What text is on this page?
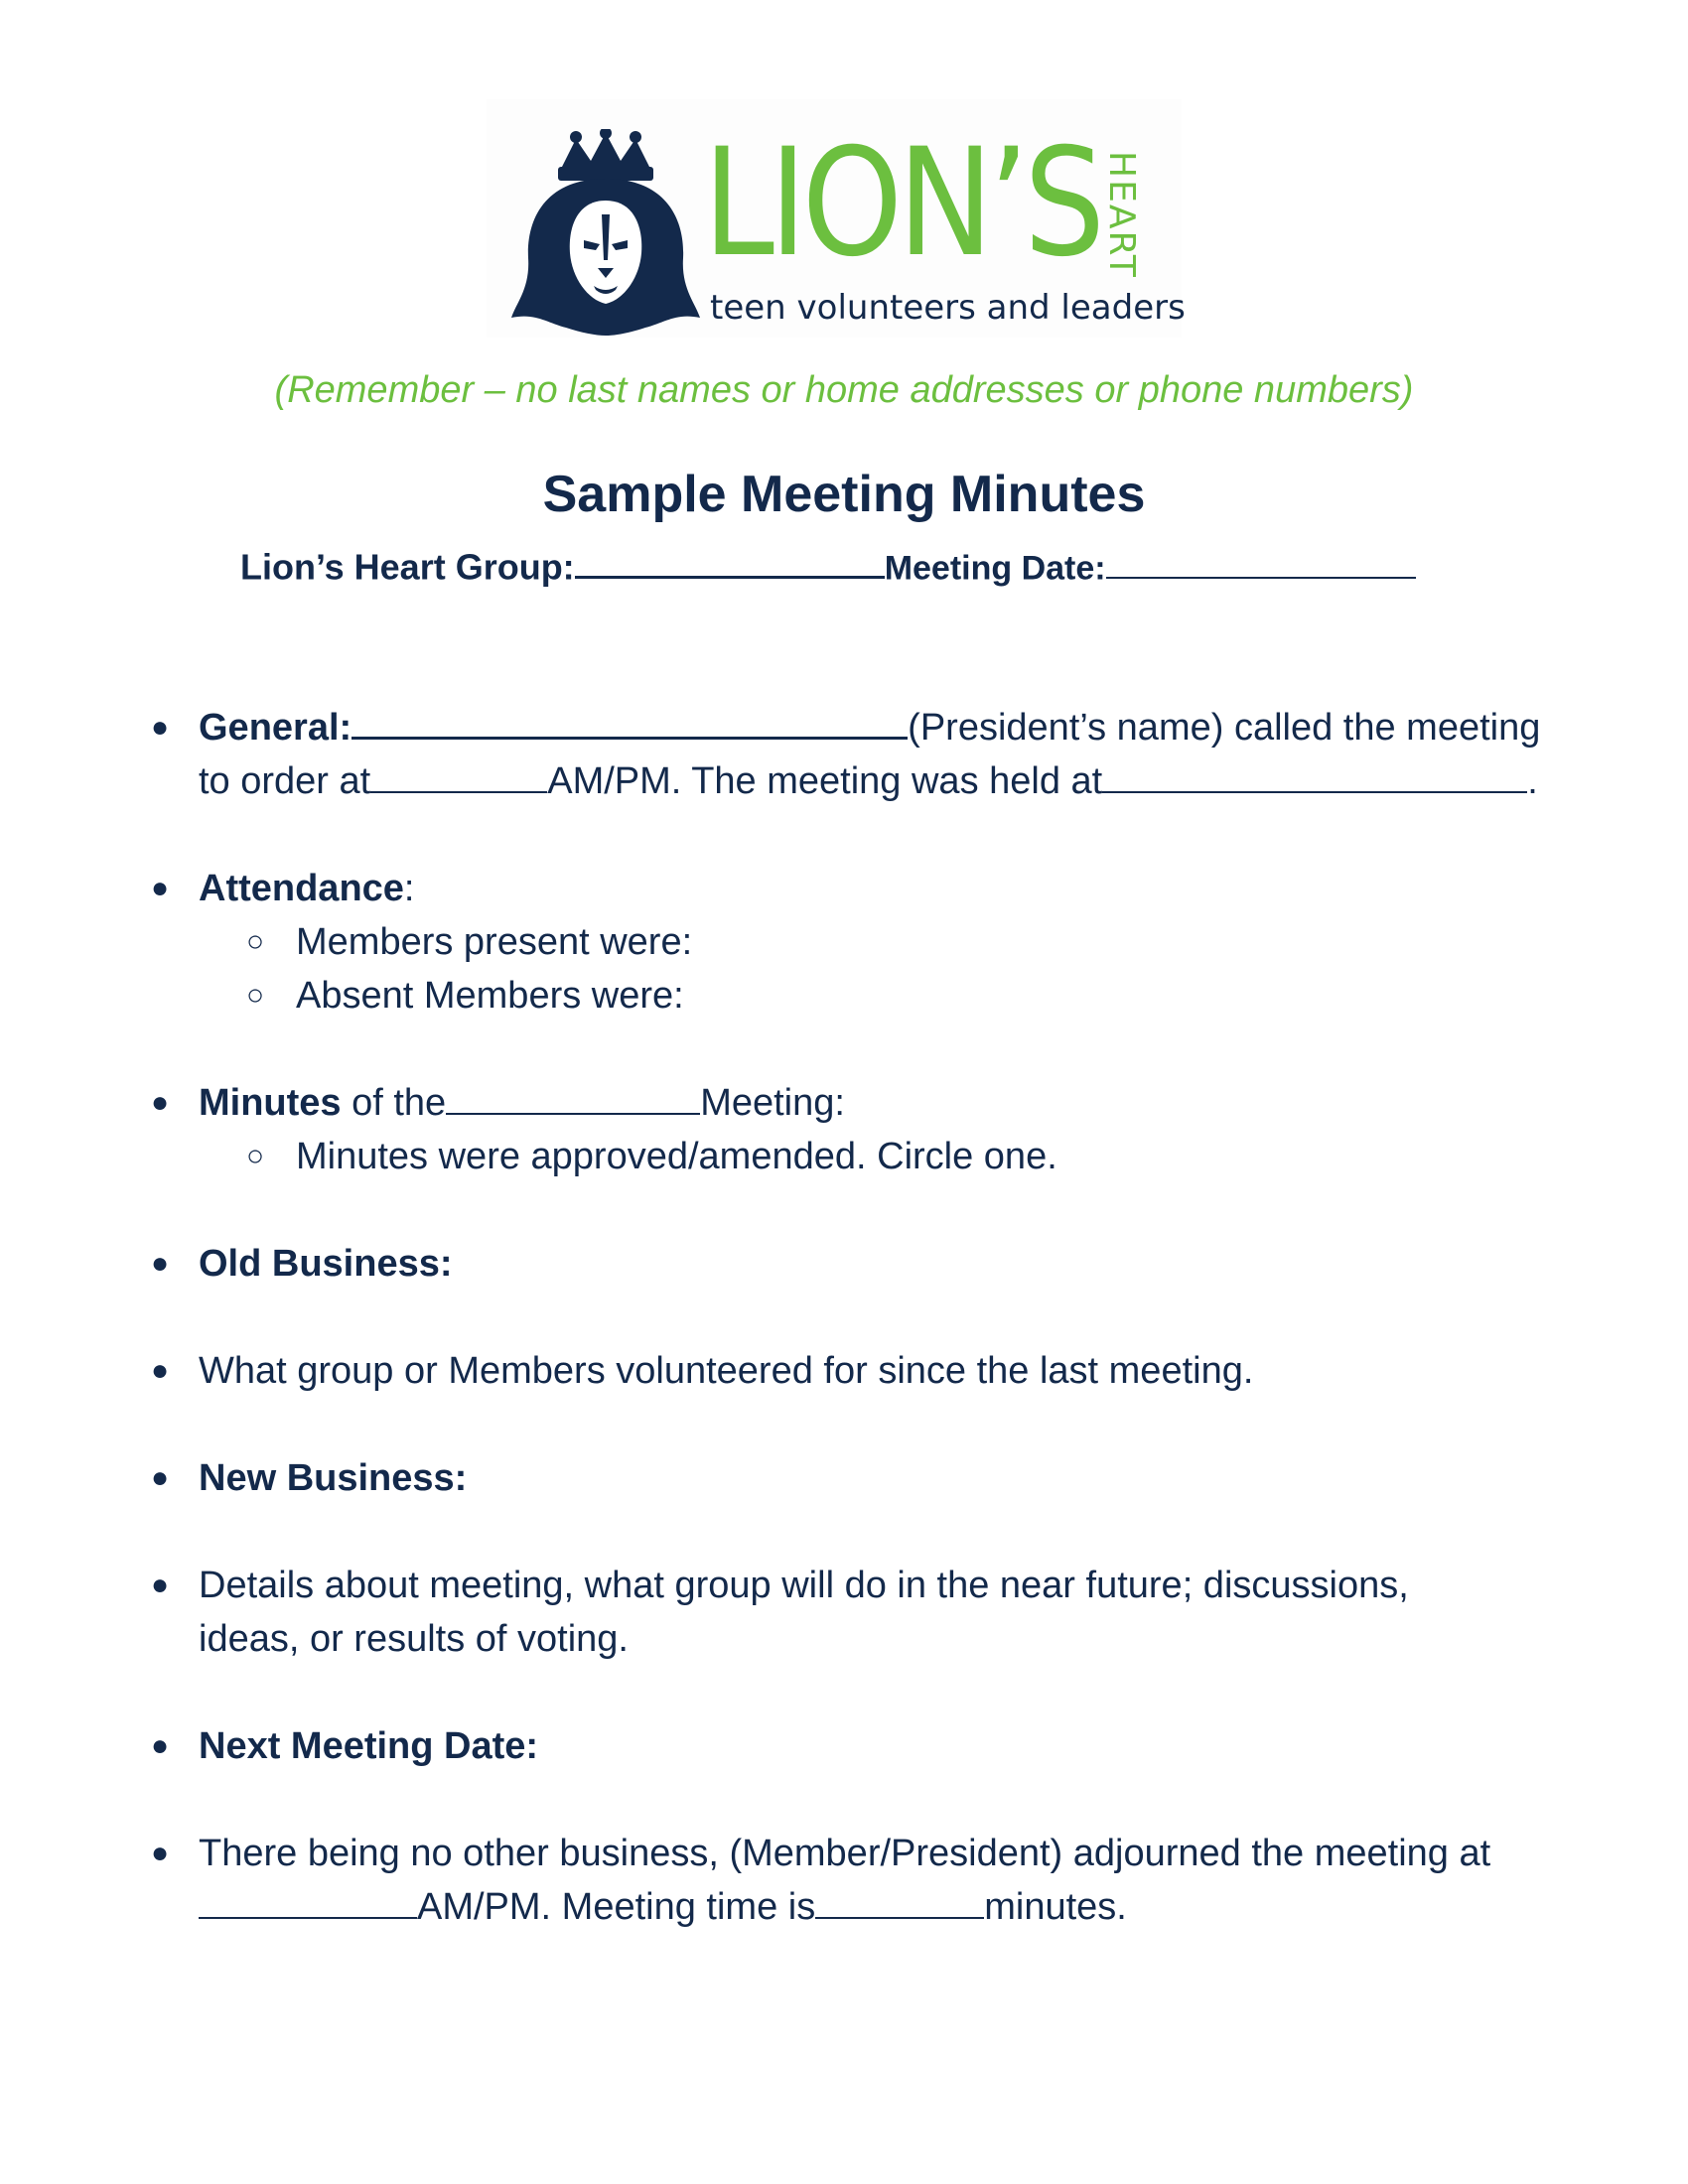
LION’S HEART
teen volunteers and leaders
(Remember – no last names or home addresses or phone numbers)
Sample Meeting Minutes
Lion’s Heart Group:	Meeting Date:
● General:	(President’s name) called the meeting
to order at	AM/PM. The meeting was held at	.
● Attendance:
○ Members present were:
○ Absent Members were:
● Minutes of the	Meeting:
○ Minutes were approved/amended. Circle one.
● Old Business:
● What group or Members volunteered for since the last meeting.
● New Business:
● Details about meeting, what group will do in the near future; discussions,
ideas, or results of voting.
● Next Meeting Date:
● There being no other business, (Member/President) adjourned the meeting at
AM/PM. Meeting time is	minutes.
